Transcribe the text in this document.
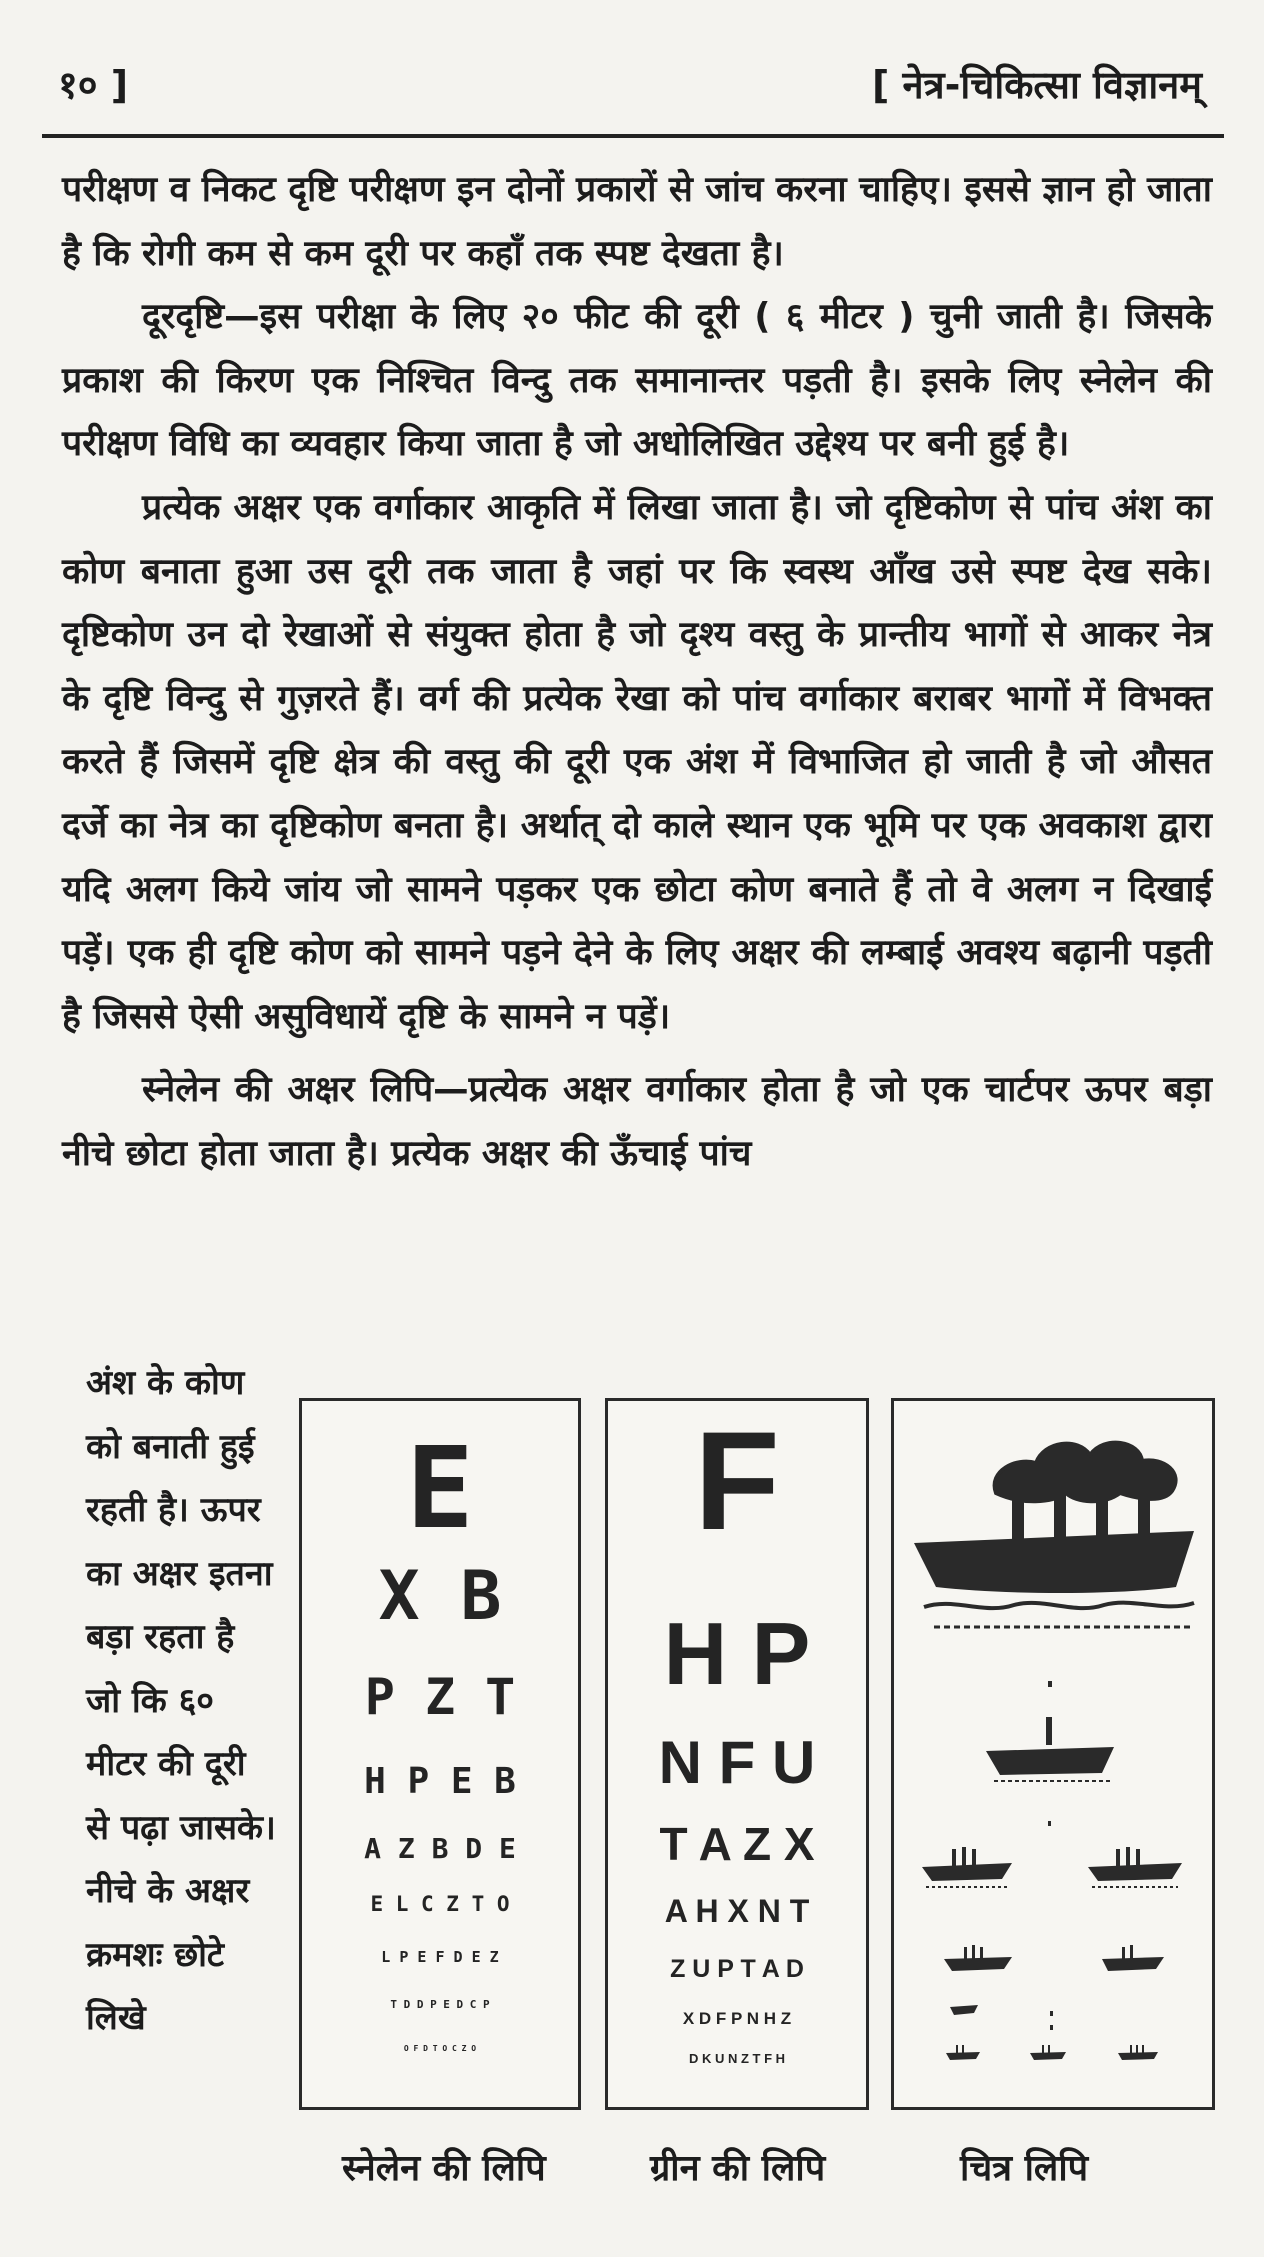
१० ]	[ नेत्र-चिकित्सा विज्ञानम्

परीक्षण व निकट दृष्टि परीक्षण इन दोनों प्रकारों से जांच करना चाहिए। इससे ज्ञान हो जाता है कि रोगी कम से कम दूरी पर कहाँ तक स्पष्ट देखता है।

दूरदृष्टि—इस परीक्षा के लिए २० फीट की दूरी ( ६ मीटर ) चुनी जाती है। जिसके प्रकाश की किरण एक निश्चित विन्दु तक समानान्तर पड़ती है। इसके लिए स्नेलेन की परीक्षण विधि का व्यवहार किया जाता है जो अधोलिखित उद्देश्य पर बनी हुई है।

प्रत्येक अक्षर एक वर्गाकार आकृति में लिखा जाता है। जो दृष्टिकोण से पांच अंश का कोण बनाता हुआ उस दूरी तक जाता है जहां पर कि स्वस्थ आँख उसे स्पष्ट देख सके। दृष्टिकोण उन दो रेखाओं से संयुक्त होता है जो दृश्य वस्तु के प्रान्तीय भागों से आकर नेत्र के दृष्टि विन्दु से गुज़रते हैं। वर्ग की प्रत्येक रेखा को पांच वर्गाकार बराबर भागों में विभक्त करते हैं जिसमें दृष्टि क्षेत्र की वस्तु की दूरी एक अंश में विभाजित हो जाती है जो औसत दर्जे का नेत्र का दृष्टिकोण बनता है। अर्थात् दो काले स्थान एक भूमि पर एक अवकाश द्वारा यदि अलग किये जांय जो सामने पड़कर एक छोटा कोण बनाते हैं तो वे अलग न दिखाई पड़ें। एक ही दृष्टि कोण को सामने पड़ने देने के लिए अक्षर की लम्बाई अवश्य बढ़ानी पड़ती है जिससे ऐसी असुविधायें दृष्टि के सामने न पड़ें।

स्नेलेन की अक्षर लिपि—प्रत्येक अक्षर वर्गाकार होता है जो एक चार्टपर ऊपर बड़ा नीचे छोटा होता जाता है। प्रत्येक अक्षर की ऊँचाई पांच

अंश के कोण को बनाती हुई रहती है। ऊपर का अक्षर इतना बड़ा रहता है जो कि ६० मीटर की दूरी से पढ़ा जासके। नीचे के अक्षर क्रमशः छोटे लिखे
E
X B
P Z T
H P E B
A Z B D E
E L C Z T O
L P E F D E Z
T D D P E D C P
O F D T O C Z O
F
H P
N F U
T A Z X
A H X N T
Z U P T A D
X D F P N H Z
D K U N Z T F H
स्नेलेन की लिपि	ग्रीन की लिपि	चित्र लिपि
